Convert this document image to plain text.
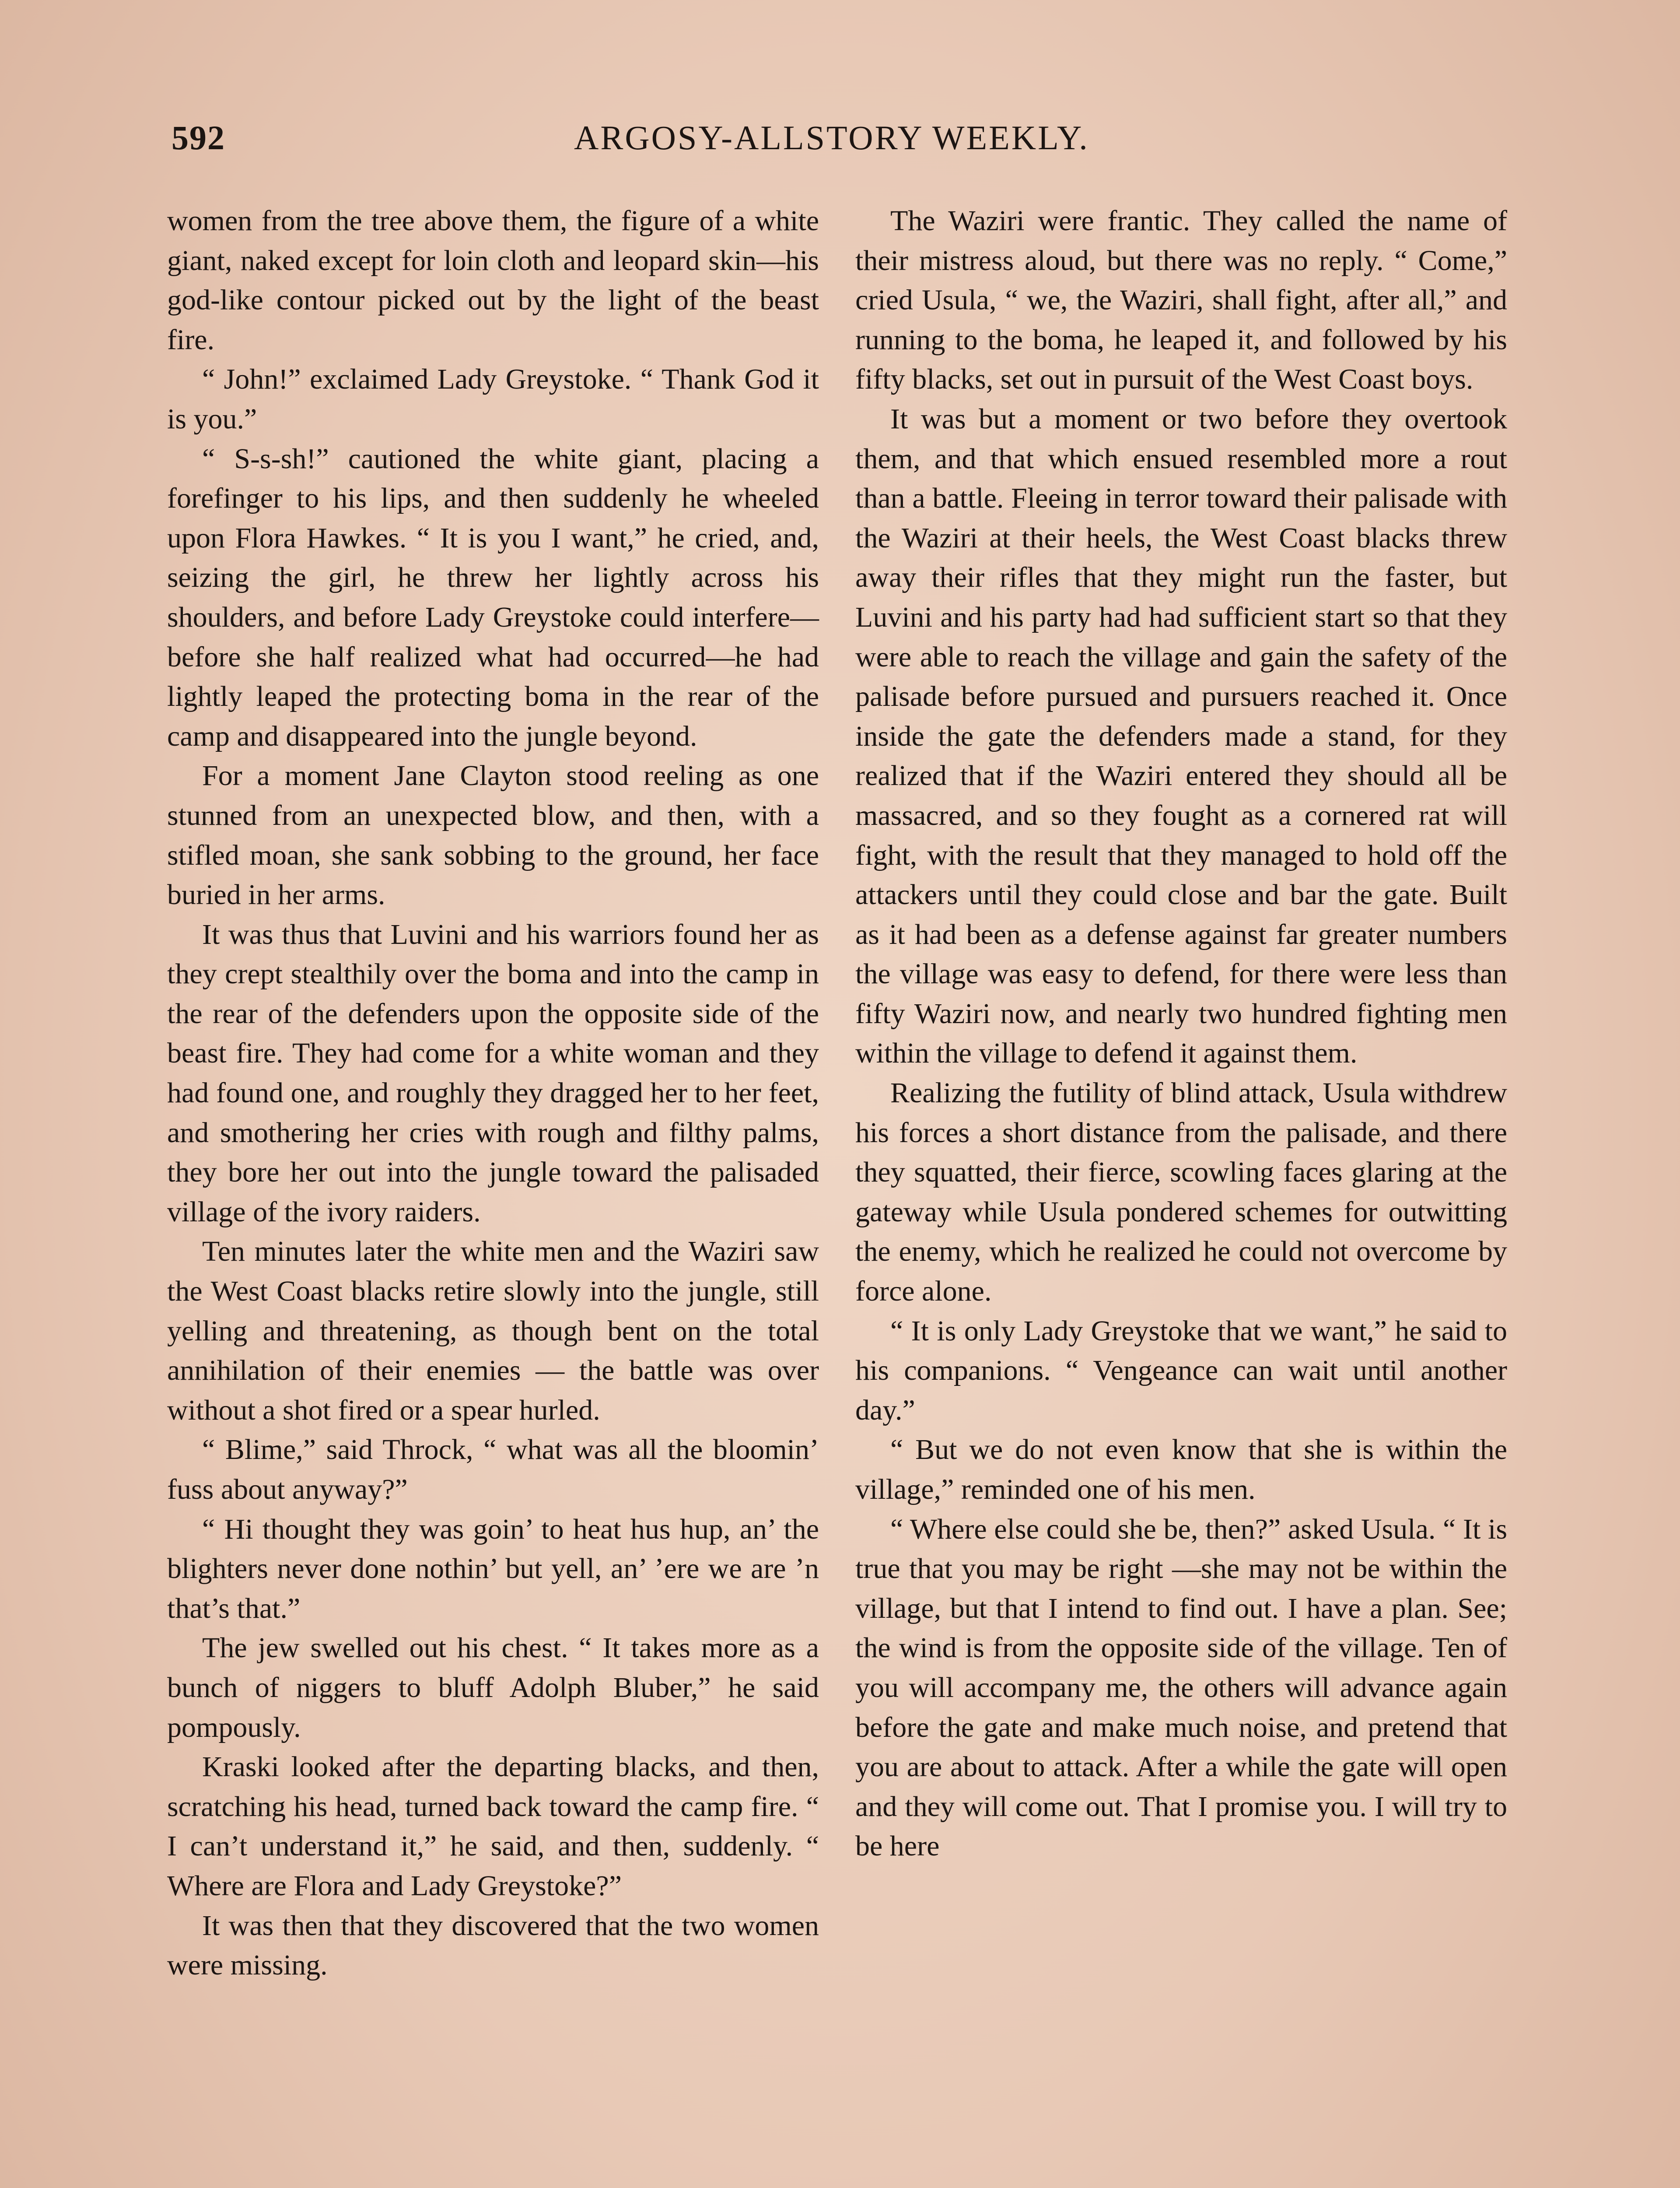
592	ARGOSY-ALLSTORY WEEKLY.

women from the tree above them, the figure of a white giant, naked except for loin cloth and leopard skin—his god-like contour picked out by the light of the beast fire.

“ John!” exclaimed Lady Greystoke. “ Thank God it is you.”

“ S-s-sh!” cautioned the white giant, placing a forefinger to his lips, and then suddenly he wheeled upon Flora Hawkes. “ It is you I want,” he cried, and, seizing the girl, he threw her lightly across his shoulders, and before Lady Greystoke could interfere—before she half realized what had occurred—he had lightly leaped the protecting boma in the rear of the camp and disappeared into the jungle beyond.

For a moment Jane Clayton stood reeling as one stunned from an unexpected blow, and then, with a stifled moan, she sank sobbing to the ground, her face buried in her arms.

It was thus that Luvini and his warriors found her as they crept stealthily over the boma and into the camp in the rear of the defenders upon the opposite side of the beast fire. They had come for a white woman and they had found one, and roughly they dragged her to her feet, and smothering her cries with rough and filthy palms, they bore her out into the jungle toward the palisaded village of the ivory raiders.

Ten minutes later the white men and the Waziri saw the West Coast blacks retire slowly into the jungle, still yelling and threatening, as though bent on the total annihilation of their enemies — the battle was over without a shot fired or a spear hurled.

“ Blime,” said Throck, “ what was all the bloomin’ fuss about anyway?”

“ Hi thought they was goin’ to heat hus hup, an’ the blighters never done nothin’ but yell, an’ ’ere we are ’n that’s that.”

The jew swelled out his chest. “ It takes more as a bunch of niggers to bluff Adolph Bluber,” he said pompously.

Kraski looked after the departing blacks, and then, scratching his head, turned back toward the camp fire. “ I can’t understand it,” he said, and then, suddenly. “ Where are Flora and Lady Greystoke?”

It was then that they discovered that the two women were missing.

The Waziri were frantic. They called the name of their mistress aloud, but there was no reply. “ Come,” cried Usula, “ we, the Waziri, shall fight, after all,” and running to the boma, he leaped it, and followed by his fifty blacks, set out in pursuit of the West Coast boys.

It was but a moment or two before they overtook them, and that which ensued resembled more a rout than a battle. Fleeing in terror toward their palisade with the Waziri at their heels, the West Coast blacks threw away their rifles that they might run the faster, but Luvini and his party had had sufficient start so that they were able to reach the village and gain the safety of the palisade before pursued and pursuers reached it. Once inside the gate the defenders made a stand, for they realized that if the Waziri entered they should all be massacred, and so they fought as a cornered rat will fight, with the result that they managed to hold off the attackers until they could close and bar the gate. Built as it had been as a defense against far greater numbers the village was easy to defend, for there were less than fifty Waziri now, and nearly two hundred fighting men within the village to defend it against them.

Realizing the futility of blind attack, Usula withdrew his forces a short distance from the palisade, and there they squatted, their fierce, scowling faces glaring at the gateway while Usula pondered schemes for outwitting the enemy, which he realized he could not overcome by force alone.

“ It is only Lady Greystoke that we want,” he said to his companions. “ Vengeance can wait until another day.”

“ But we do not even know that she is within the village,” reminded one of his men.

“ Where else could she be, then?” asked Usula. “ It is true that you may be right —she may not be within the village, but that I intend to find out. I have a plan. See; the wind is from the opposite side of the village. Ten of you will accompany me, the others will advance again before the gate and make much noise, and pretend that you are about to attack. After a while the gate will open and they will come out. That I promise you. I will try to be here
